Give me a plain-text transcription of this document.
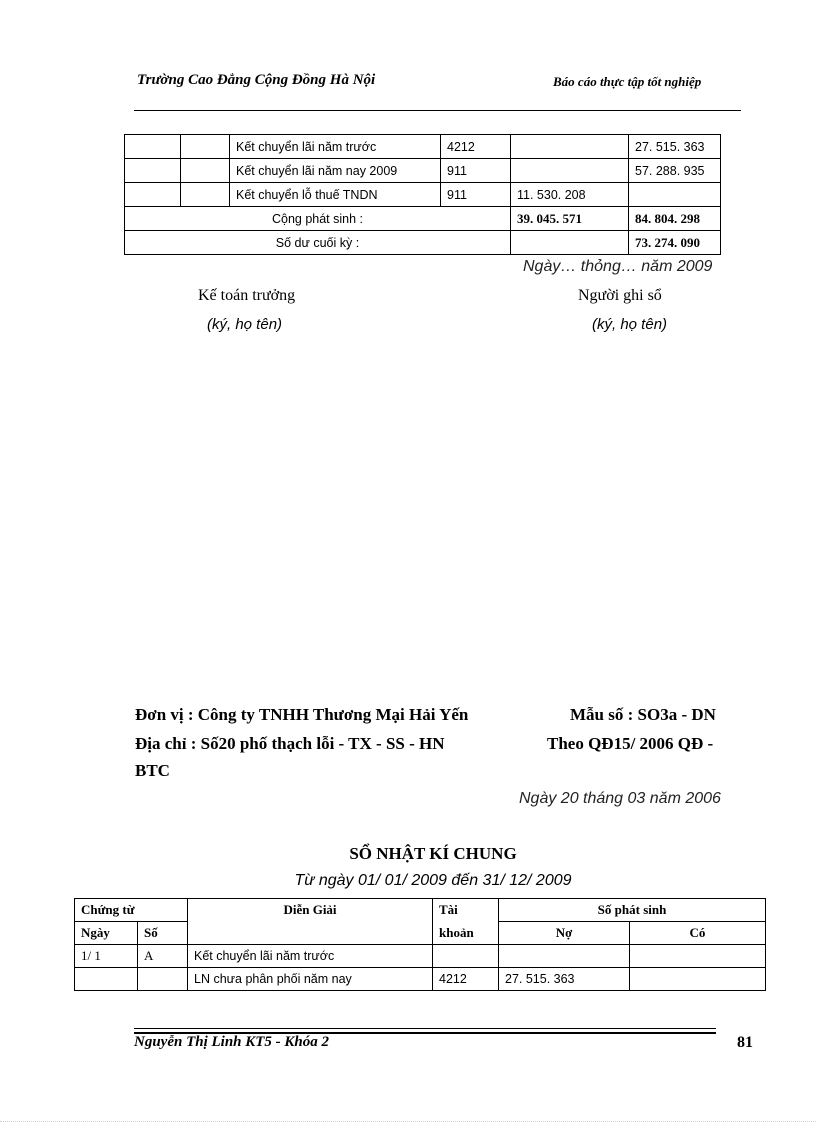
Trường Cao Đẳng Cộng Đồng Hà Nội	Báo cáo thực tập tốt nghiệp
		Kết chuyển lãi năm trước	4212		27. 515. 363
		Kết chuyển lãi năm nay 2009	911		57. 288. 935
		Kết chuyển lỗ thuế TNDN	911	11. 530. 208	
Cộng phát sinh :				39. 045. 571	84. 804. 298
Số dư cuối kỳ :					73. 274. 090
Ngày… thỏng… năm 2009
Kế toán trưởng	Người ghi sổ
(ký, họ tên)	(ký, họ tên)
Đơn vị : Công ty TNHH Thương Mại Hải Yến	Mẫu số : SO3a - DN
Địa chỉ : Số20 phố thạch lỗi - TX - SS - HN	Theo QĐ15/ 2006 QĐ -
BTC
Ngày 20 tháng 03 năm 2006
SỔ NHẬT KÍ CHUNG
Từ ngày 01/ 01/ 2009 đến 31/ 12/ 2009
Chứng từ		Diễn Giải	Tài	Số phát sinh	
Ngày	Số		khoản	Nợ	Có
1/ 1	A	Kết chuyển lãi năm trước			
		LN chưa phân phối năm nay	4212	27. 515. 363	
Nguyễn Thị Linh KT5 - Khóa 2	81
